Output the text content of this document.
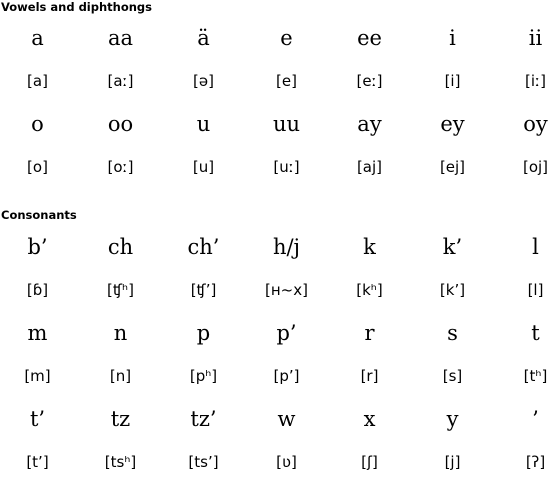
Vowels and diphthongs
a	aa	ä	e	ee	i	ii
[a]	[aː]	[ə]	[e]	[eː]	[i]	[iː]
o	oo	u	uu	ay	ey	oy
[o]	[oː]	[u]	[uː]	[aj]	[ej]	[oj]
Consonants
b’	ch	ch’	h/j	k	k’	l
[ɓ]	[ʧʰ]	[ʧ’]	[ʜ~x]	[kʰ]	[k’]	[l]
m	n	p	p’	r	s	t
[m]	[n]	[pʰ]	[p’]	[r]	[s]	[tʰ]
t’	tz	tz’	w	x	y	’
[t’]	[tsʰ]	[ts’]	[ʋ]	[ʃ]	[j]	[ʔ]
